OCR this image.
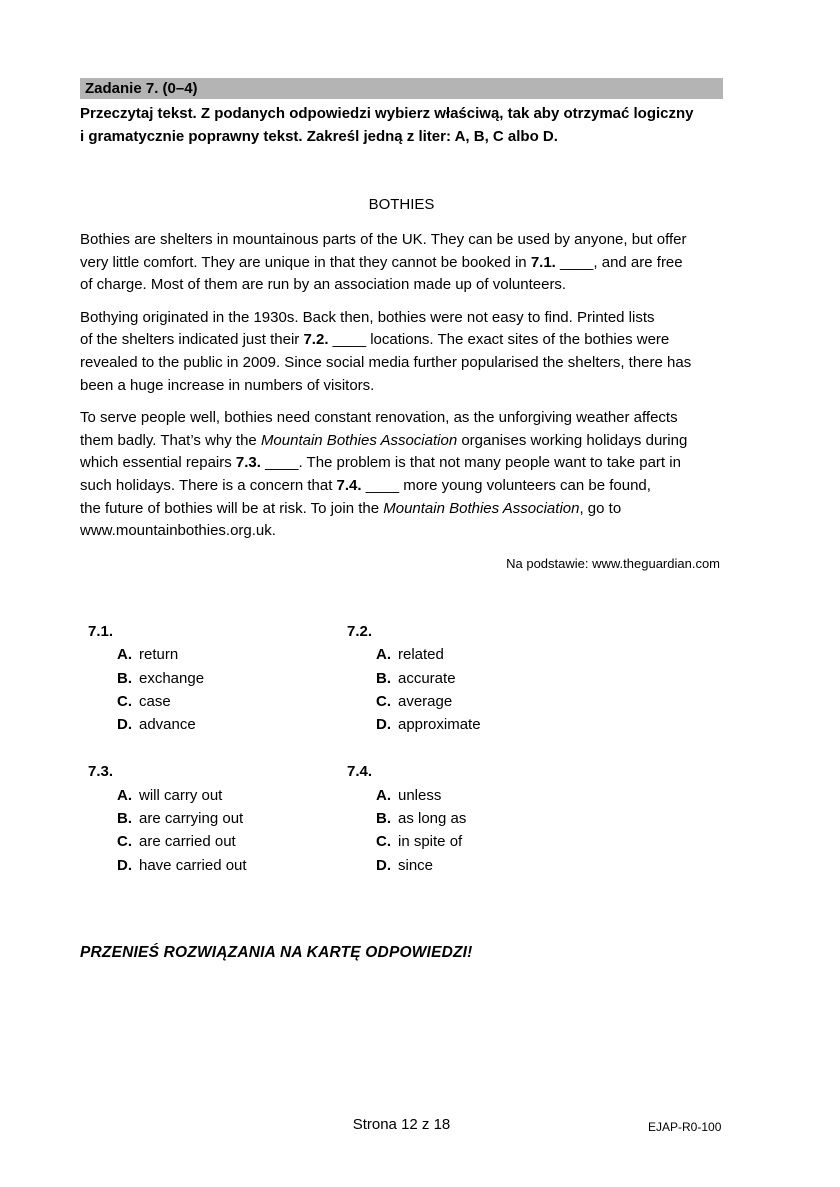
Zadanie 7. (0–4)
Przeczytaj tekst. Z podanych odpowiedzi wybierz właściwą, tak aby otrzymać logiczny
i gramatycznie poprawny tekst. Zakreśl jedną z liter: A, B, C albo D.
BOTHIES
Bothies are shelters in mountainous parts of the UK. They can be used by anyone, but offer
very little comfort. They are unique in that they cannot be booked in 7.1. ____, and are free
of charge. Most of them are run by an association made up of volunteers.
Bothying originated in the 1930s. Back then, bothies were not easy to find. Printed lists
of the shelters indicated just their 7.2. ____ locations. The exact sites of the bothies were
revealed to the public in 2009. Since social media further popularised the shelters, there has
been a huge increase in numbers of visitors.
To serve people well, bothies need constant renovation, as the unforgiving weather affects
them badly. That’s why the Mountain Bothies Association organises working holidays during
which essential repairs 7.3. ____. The problem is that not many people want to take part in
such holidays. There is a concern that 7.4. ____ more young volunteers can be found,
the future of bothies will be at risk. To join the Mountain Bothies Association, go to
www.mountainbothies.org.uk.
Na podstawie: www.theguardian.com
7.1.
A. return
B. exchange
C. case
D. advance
7.2.
A. related
B. accurate
C. average
D. approximate
7.3.
A. will carry out
B. are carrying out
C. are carried out
D. have carried out
7.4.
A. unless
B. as long as
C. in spite of
D. since
PRZENIEŚ ROZWIĄZANIA NA KARTĘ ODPOWIEDZI!
Strona 12 z 18	EJAP-R0-100
